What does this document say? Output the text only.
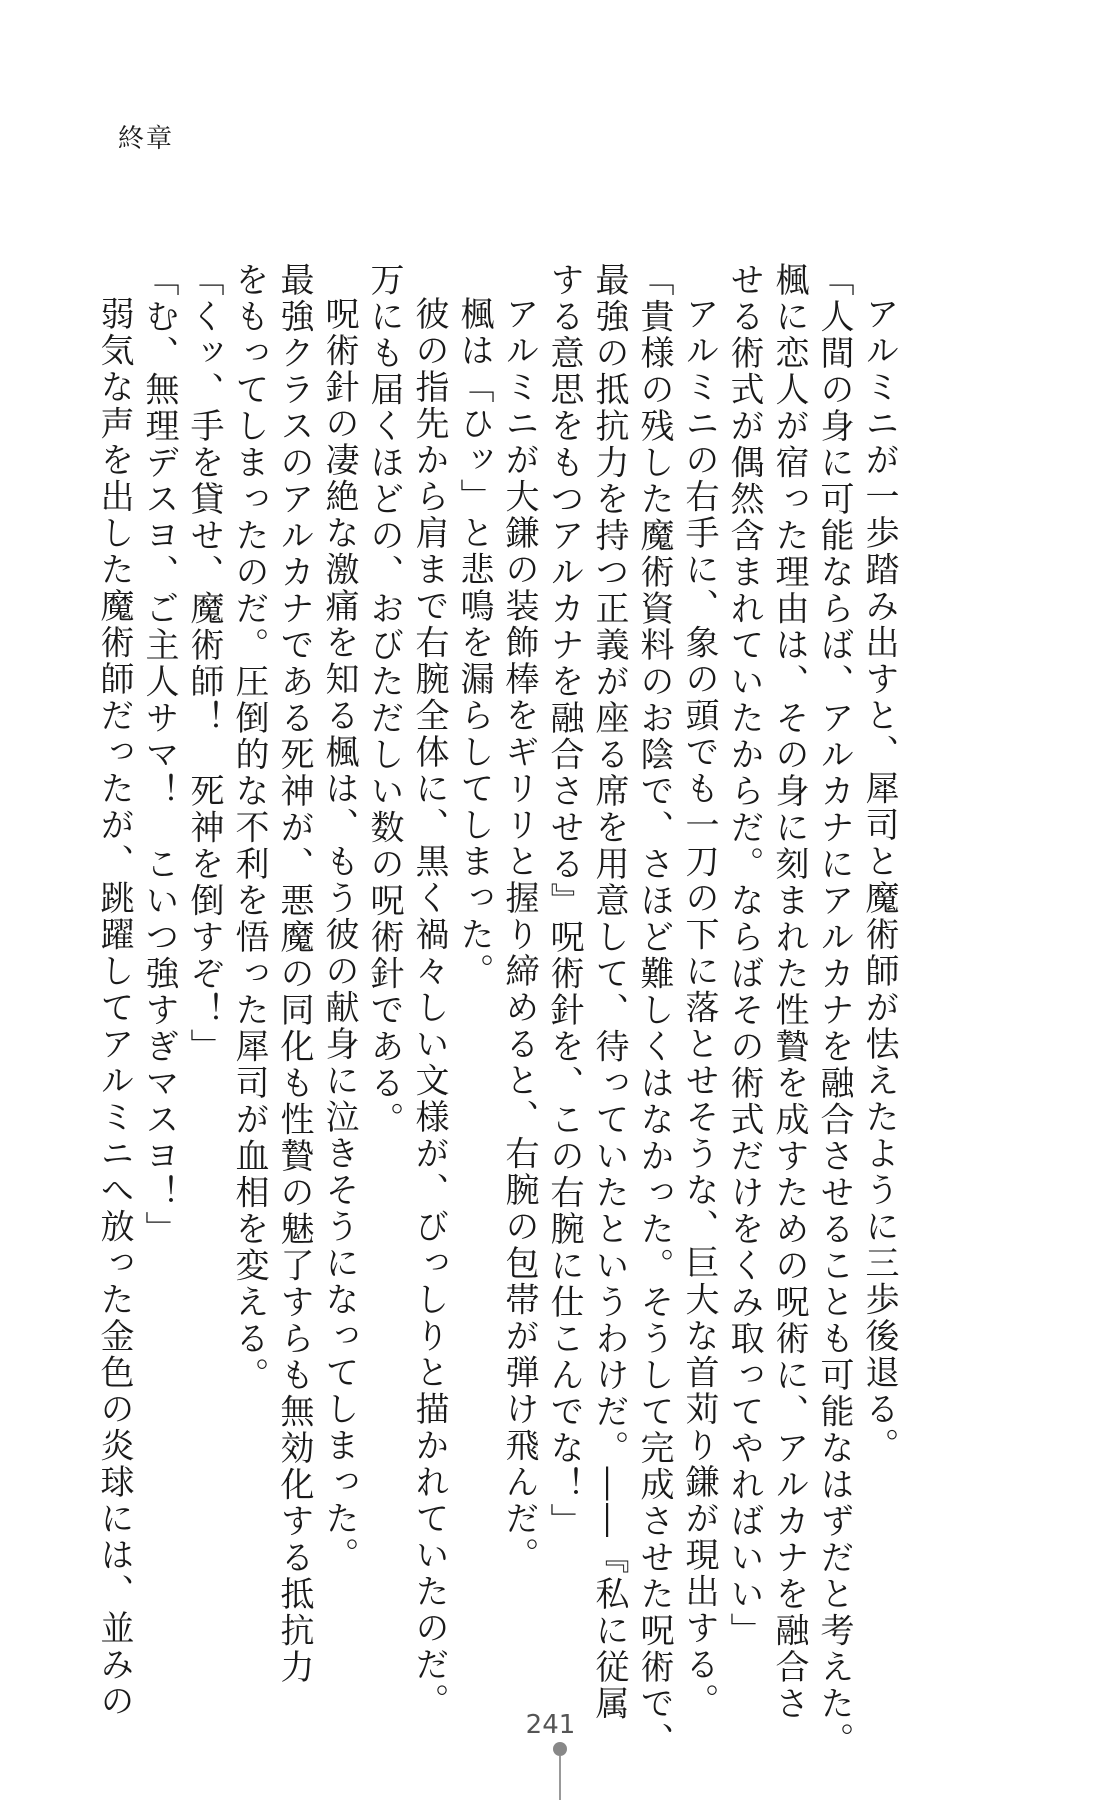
終章
アルミニが一歩踏み出すと、犀司と魔術師が怯えたように三歩後退る。
「人間の身に可能ならば、アルカナにアルカナを融合させることも可能なはずだと考えた。
楓に恋人が宿った理由は、その身に刻まれた性贄を成すための呪術に、アルカナを融合さ
せる術式が偶然含まれていたからだ。ならばその術式だけをくみ取ってやればいい」
アルミニの右手に、象の頭でも一刀の下に落とせそうな、巨大な首苅り鎌が現出する。
「貴様の残した魔術資料のお陰で、さほど難しくはなかった。そうして完成させた呪術で、
最強の抵抗力を持つ正義が座る席を用意して、待っていたというわけだ。――『私に従属
する意思をもつアルカナを融合させる』呪術針を、この右腕に仕こんでな！」
アルミニが大鎌の装飾棒をギリリと握り締めると、右腕の包帯が弾け飛んだ。
楓は「ひッ」と悲鳴を漏らしてしまった。
彼の指先から肩まで右腕全体に、黒く禍々しい文様が、びっしりと描かれていたのだ。
万にも届くほどの、おびただしい数の呪術針である。
呪術針の凄絶な激痛を知る楓は、もう彼の献身に泣きそうになってしまった。
最強クラスのアルカナである死神が、悪魔の同化も性贄の魅了すらも無効化する抵抗力
をもってしまったのだ。圧倒的な不利を悟った犀司が血相を変える。
「くッ、手を貸せ、魔術師！　死神を倒すぞ！」
「む、無理デスヨ、ご主人サマ！　こいつ強すぎマスヨ！」
弱気な声を出した魔術師だったが、跳躍してアルミニへ放った金色の炎球には、並みの
241
